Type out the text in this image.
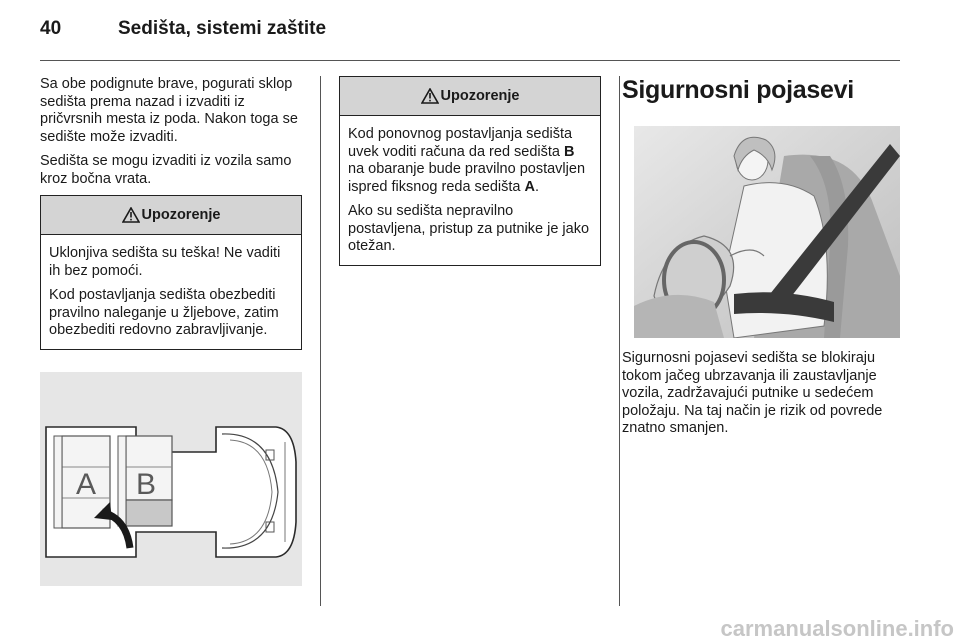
40	Sedišta, sistemi zaštite

Sa obe podignute brave, pogurati sklop sedišta prema nazad i izvaditi iz pričvrsnih mesta iz poda. Nakon toga se sedište može izvaditi.

Sedišta se mogu izvaditi iz vozila samo kroz bočna vrata.

Upozorenje

Uklonjiva sedišta su teška! Ne vaditi ih bez pomoći.

Kod postavljanja sedišta obezbediti pravilno naleganje u žljebove, zatim obezbediti redovno zabravljivanje.

A B
Upozorenje

Kod ponovnog postavljanja sedišta uvek voditi računa da red sedišta B na obaranje bude pravilno postavljen ispred fiksnog reda sedišta A.

Ako su sedišta nepravilno postavljena, pristup za putnike je jako otežan.

Sigurnosni pojasevi

Sigurnosni pojasevi sedišta se blokiraju tokom jačeg ubrzavanja ili zaustavljanje vozila, zadržavajući putnike u sedećem položaju. Na taj način je rizik od povrede znatno smanjen.

carmanualsonline.info
